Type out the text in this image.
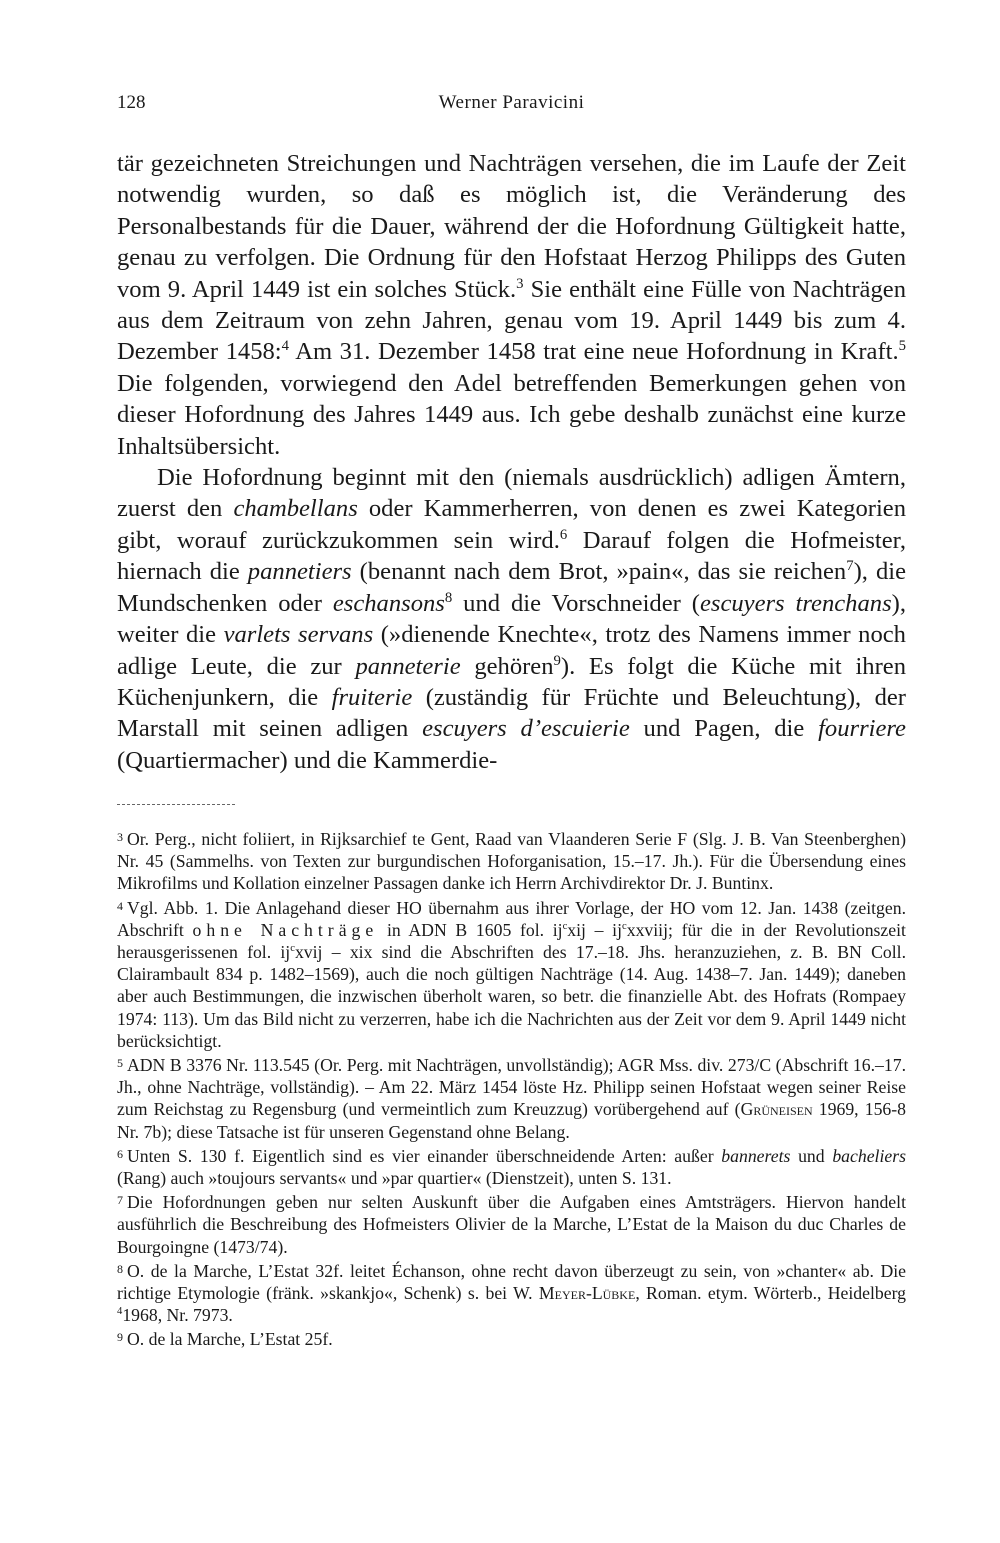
128	Werner Paravicini

tär gezeichneten Streichungen und Nachträgen versehen, die im Laufe der Zeit notwendig wurden, so daß es möglich ist, die Veränderung des Personalbestands für die Dauer, während der die Hofordnung Gültigkeit hatte, genau zu verfolgen. Die Ordnung für den Hofstaat Herzog Philipps des Guten vom 9. April 1449 ist ein solches Stück.$^3$ Sie enthält eine Fülle von Nachträgen aus dem Zeitraum von zehn Jahren, genau vom 19. April 1449 bis zum 4. Dezember 1458:$^4$ Am 31. Dezember 1458 trat eine neue Hofordnung in Kraft.$^5$ Die folgenden, vorwiegend den Adel betreffenden Bemerkungen gehen von dieser Hofordnung des Jahres 1449 aus. Ich gebe deshalb zunächst eine kurze Inhaltsübersicht.

Die Hofordnung beginnt mit den (niemals ausdrücklich) adligen Ämtern, zuerst den chambellans oder Kammerherren, von denen es zwei Kategorien gibt, worauf zurückzukommen sein wird.$^6$ Darauf folgen die Hofmeister, hiernach die pannetiers (benannt nach dem Brot, »pain«, das sie reichen$^7$), die Mundschenken oder eschansons$^8$ und die Vorschneider (escuyers trenchans), weiter die varlets servans (»dienende Knechte«, trotz des Namens immer noch adlige Leute, die zur panneterie gehören$^9$). Es folgt die Küche mit ihren Küchenjunkern, die fruiterie (zuständig für Früchte und Beleuchtung), der Marstall mit seinen adligen escuyers d’escuierie und Pagen, die fourriere (Quartiermacher) und die Kammerdie-

$^3$ Or. Perg., nicht foliiert, in Rijksarchief te Gent, Raad van Vlaanderen Serie F (Slg. J. B. Van Steenberghen) Nr. 45 (Sammelhs. von Texten zur burgundischen Hoforganisation, 15.–17. Jh.). Für die Übersendung eines Mikrofilms und Kollation einzelner Passagen danke ich Herrn Archivdirektor Dr. J. Buntinx.

$^4$ Vgl. Abb. 1. Die Anlagehand dieser HO übernahm aus ihrer Vorlage, der HO vom 12. Jan. 1438 (zeitgen. Abschrift ohne Nachträge in ADN B 1605 fol. $ij^cxij$ – $ij^cxxviij$; für die in der Revolutionszeit herausgerissenen fol. $ij^cxvij$ – xix sind die Abschriften des 17.–18. Jhs. heranzuziehen, z. B. BN Coll. Clairambault 834 p. 1482–1569), auch die noch gültigen Nachträge (14. Aug. 1438–7. Jan. 1449); daneben aber auch Bestimmungen, die inzwischen überholt waren, so betr. die finanzielle Abt. des Hofrats (Rompaey 1974: 113). Um das Bild nicht zu verzerren, habe ich die Nachrichten aus der Zeit vor dem 9. April 1449 nicht berücksichtigt.

$^5$ ADN B 3376 Nr. 113.545 (Or. Perg. mit Nachträgen, unvollständig); AGR Mss. div. 273/C (Abschrift 16.–17. Jh., ohne Nachträge, vollständig). – Am 22. März 1454 löste Hz. Philipp seinen Hofstaat wegen seiner Reise zum Reichstag zu Regensburg (und vermeintlich zum Kreuzzug) vorübergehend auf (Grüneisen 1969, 156-8 Nr. 7b); diese Tatsache ist für unseren Gegenstand ohne Belang.

$^6$ Unten S. 130 f. Eigentlich sind es vier einander überschneidende Arten: außer bannerets und bacheliers (Rang) auch »toujours servants« und »par quartier« (Dienstzeit), unten S. 131.

$^7$ Die Hofordnungen geben nur selten Auskunft über die Aufgaben eines Amtsträgers. Hiervon handelt ausführlich die Beschreibung des Hofmeisters Olivier de la Marche, L’Estat de la Maison du duc Charles de Bourgoingne (1473/74).

$^8$ O. de la Marche, L’Estat 32f. leitet Échanson, ohne recht davon überzeugt zu sein, von »chanter« ab. Die richtige Etymologie (fränk. »skankjo«, Schenk) s. bei W. Meyer-Lübke, Roman. etym. Wörterb., Heidelberg $^4$1968, Nr. 7973.

$^9$ O. de la Marche, L’Estat 25f.
